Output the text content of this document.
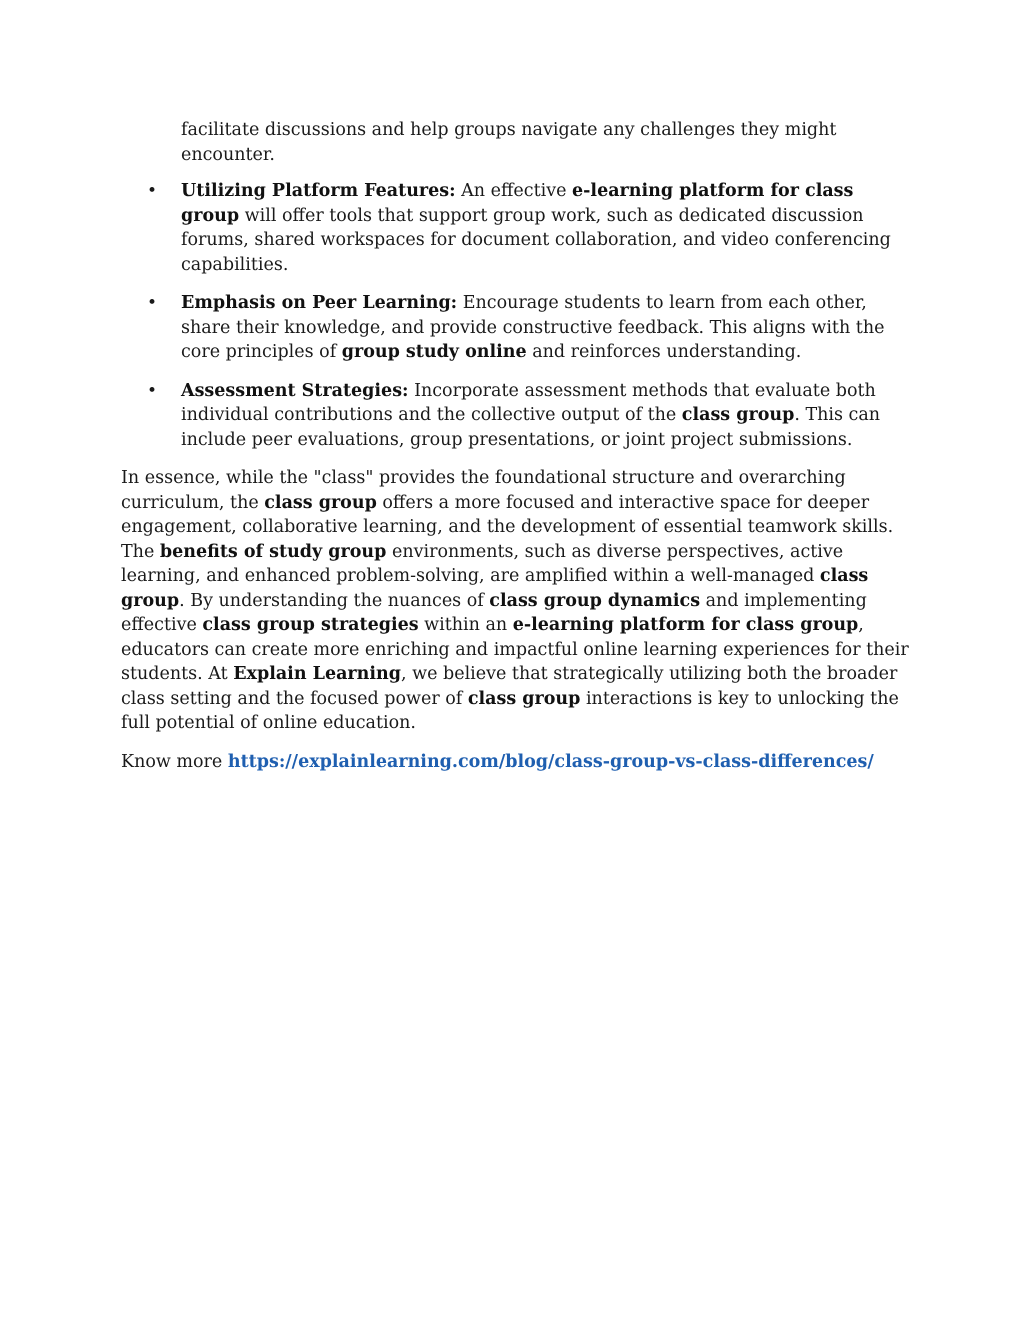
facilitate discussions and help groups navigate any challenges they might encounter.

• Utilizing Platform Features: An effective e-learning platform for class group will offer tools that support group work, such as dedicated discussion forums, shared workspaces for document collaboration, and video conferencing capabilities.
• Emphasis on Peer Learning: Encourage students to learn from each other, share their knowledge, and provide constructive feedback. This aligns with the core principles of group study online and reinforces understanding.
• Assessment Strategies: Incorporate assessment methods that evaluate both individual contributions and the collective output of the class group. This can include peer evaluations, group presentations, or joint project submissions.

In essence, while the "class" provides the foundational structure and overarching curriculum, the class group offers a more focused and interactive space for deeper engagement, collaborative learning, and the development of essential teamwork skills. The benefits of study group environments, such as diverse perspectives, active learning, and enhanced problem-solving, are amplified within a well-managed class group. By understanding the nuances of class group dynamics and implementing effective class group strategies within an e-learning platform for class group, educators can create more enriching and impactful online learning experiences for their students. At Explain Learning, we believe that strategically utilizing both the broader class setting and the focused power of class group interactions is key to unlocking the full potential of online education.

Know more https://explainlearning.com/blog/class-group-vs-class-differences/
